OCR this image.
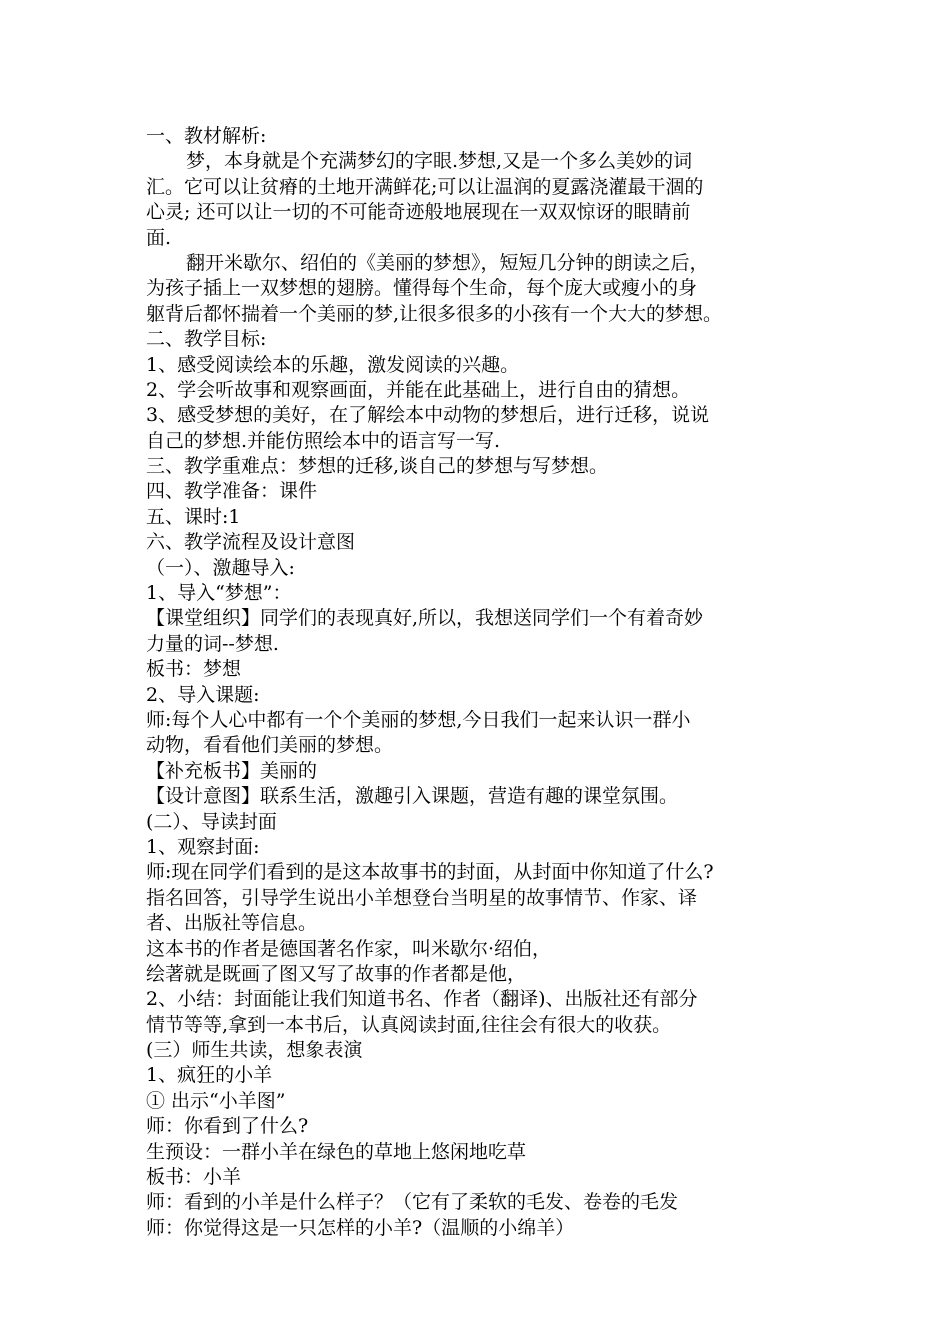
一、教材解析:
梦，本身就是个充满梦幻的字眼.梦想,又是一个多么美妙的词
汇。它可以让贫瘠的土地开满鲜花;可以让温润的夏露浇灌最干涸的
心灵; 还可以让一切的不可能奇迹般地展现在一双双惊讶的眼睛前
面.
翻开米歇尔、绍伯的《美丽的梦想》，短短几分钟的朗读之后，
为孩子插上一双梦想的翅膀。懂得每个生命，每个庞大或瘦小的身
躯背后都怀揣着一个美丽的梦,让很多很多的小孩有一个大大的梦想。
二、教学目标:
1、感受阅读绘本的乐趣，激发阅读的兴趣。
2、学会听故事和观察画面，并能在此基础上，进行自由的猜想。
3、感受梦想的美好，在了解绘本中动物的梦想后，进行迁移，说说
自己的梦想.并能仿照绘本中的语言写一写.
三、教学重难点：梦想的迁移,谈自己的梦想与写梦想。
四、教学准备：课件
五、课时:1
六、教学流程及设计意图
（一）、激趣导入:
1、导入“梦想”：
【课堂组织】同学们的表现真好,所以，我想送同学们一个有着奇妙
力量的词--梦想.
板书：梦想
2、导入课题:
师:每个人心中都有一个个美丽的梦想,今日我们一起来认识一群小
动物，看看他们美丽的梦想。
【补充板书】美丽的
【设计意图】联系生活，激趣引入课题，营造有趣的课堂氛围。
(二）、导读封面
1、观察封面:
师:现在同学们看到的是这本故事书的封面，从封面中你知道了什么?
指名回答，引导学生说出小羊想登台当明星的故事情节、作家、译
者、出版社等信息。
这本书的作者是德国著名作家，叫米歇尔·绍伯，
绘著就是既画了图又写了故事的作者都是他，
2、小结：封面能让我们知道书名、作者（翻译)、出版社还有部分
情节等等,拿到一本书后，认真阅读封面,往往会有很大的收获。
(三）师生共读，想象表演
1、疯狂的小羊
① 出示“小羊图”
师：你看到了什么?
生预设：一群小羊在绿色的草地上悠闲地吃草
板书：小羊
师：看到的小羊是什么样子？（它有了柔软的毛发、卷卷的毛发
师：你觉得这是一只怎样的小羊?（温顺的小绵羊）
